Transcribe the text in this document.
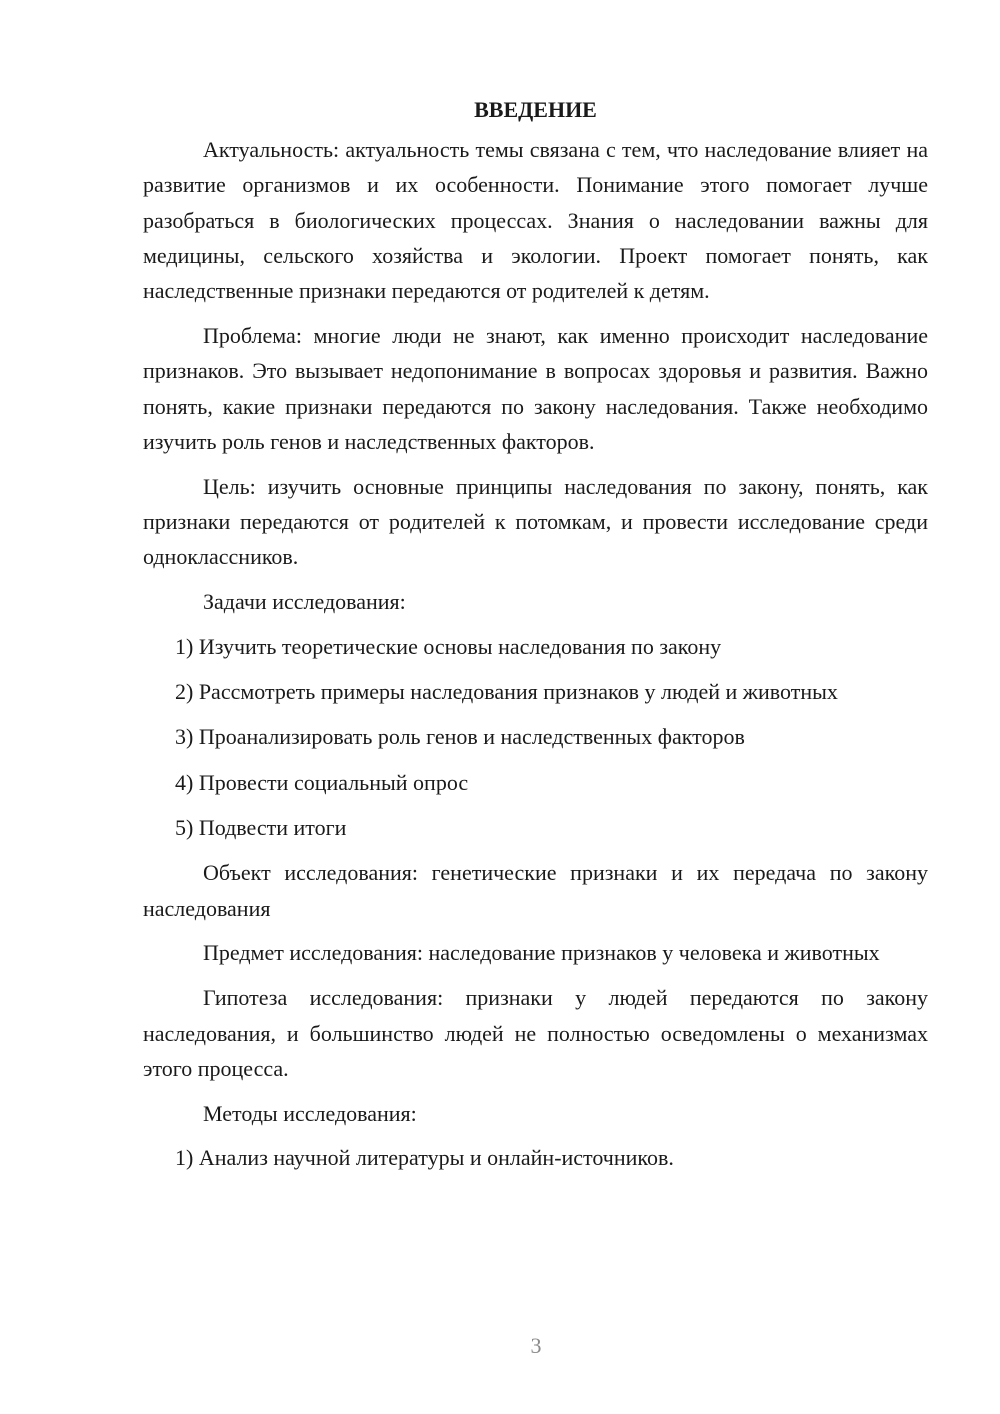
ВВЕДЕНИЕ

Актуальность: актуальность темы связана с тем, что наследование влияет на развитие организмов и их особенности. Понимание этого помогает лучше разобраться в биологических процессах. Знания о наследовании важны для медицины, сельского хозяйства и экологии. Проект помогает понять, как наследственные признаки передаются от родителей к детям.

Проблема: многие люди не знают, как именно происходит наследование признаков. Это вызывает недопонимание в вопросах здоровья и развития. Важно понять, какие признаки передаются по закону наследования. Также необходимо изучить роль генов и наследственных факторов.

Цель: изучить основные принципы наследования по закону, понять, как признаки передаются от родителей к потомкам, и провести исследование среди одноклассников.

Задачи исследования:
1) Изучить теоретические основы наследования по закону
2) Рассмотреть примеры наследования признаков у людей и животных
3) Проанализировать роль генов и наследственных факторов
4) Провести социальный опрос
5) Подвести итоги

Объект исследования: генетические признаки и их передача по закону наследования

Предмет исследования: наследование признаков у человека и животных

Гипотеза исследования: признаки у людей передаются по закону наследования, и большинство людей не полностью осведомлены о механизмах этого процесса.

Методы исследования:
1) Анализ научной литературы и онлайн-источников.
3
